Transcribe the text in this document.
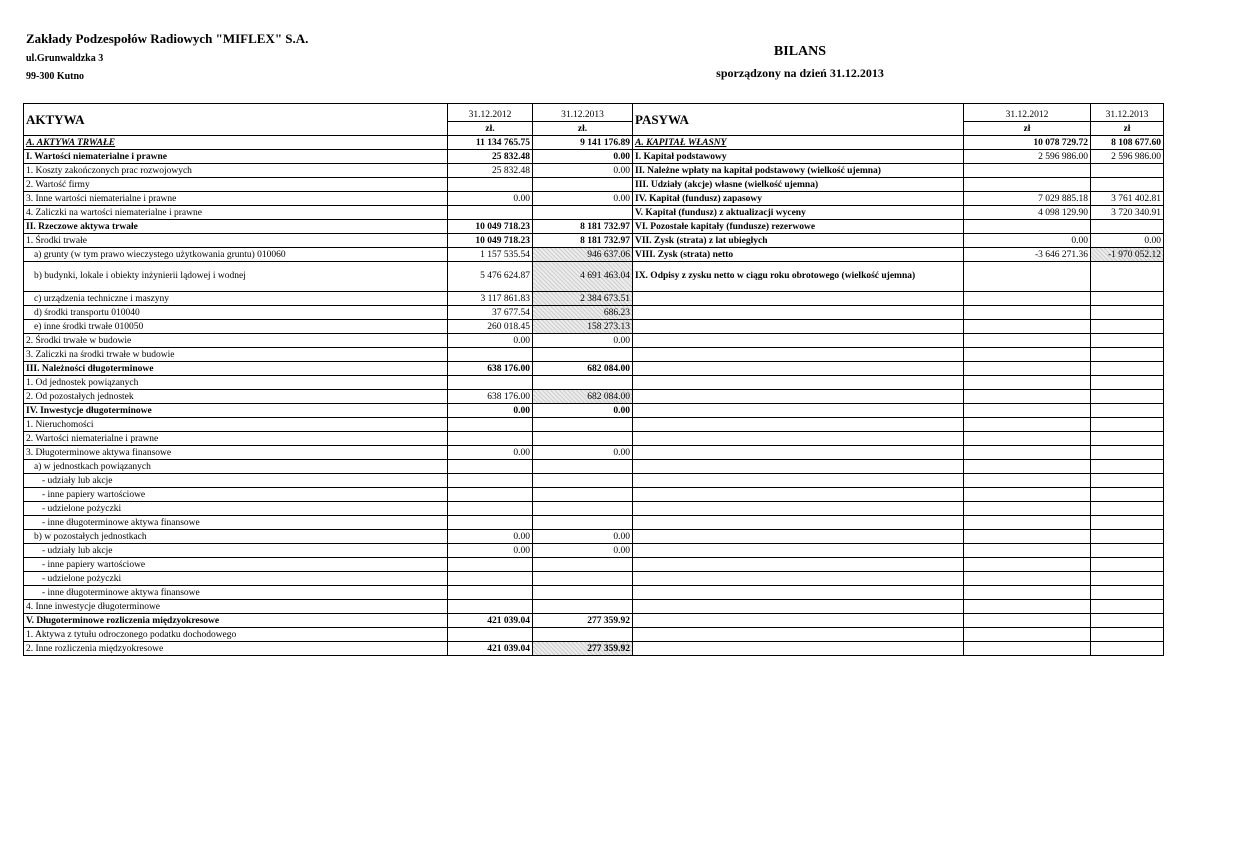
Zakłady Podzespołów Radiowych "MIFLEX" S.A.
ul.Grunwaldzka 3
99-300 Kutno
BILANS
sporządzony na dzień 31.12.2013
AKTYWA	31.12.2012	31.12.2013	PASYWA	31.12.2012	31.12.2013
	zł.	zł.		zł	zł
A. AKTYWA TRWAŁE	11 134 765.75	9 141 176.89	A. KAPITAŁ WŁASNY	10 078 729.72	8 108 677.60
I. Wartości niematerialne i prawne	25 832.48	0.00	I. Kapitał podstawowy	2 596 986.00	2 596 986.00
1. Koszty zakończonych prac rozwojowych	25 832.48	0.00	II. Należne wpłaty na kapitał podstawowy (wielkość ujemna)		
2. Wartość firmy			III. Udziały (akcje) własne (wielkość ujemna)		
3. Inne wartości niematerialne i prawne	0.00	0.00	IV. Kapitał (fundusz) zapasowy	7 029 885.18	3 761 402.81
4. Zaliczki na wartości niematerialne i prawne			V. Kapitał (fundusz) z aktualizacji wyceny	4 098 129.90	3 720 340.91
II. Rzeczowe aktywa trwałe	10 049 718.23	8 181 732.97	VI. Pozostałe kapitały (fundusze) rezerwowe		
1. Środki trwałe	10 049 718.23	8 181 732.97	VII. Zysk (strata) z lat ubiegłych	0.00	0.00
a) grunty (w tym prawo wieczystego użytkowania gruntu) 010060	1 157 535.54	946 637.06	VIII. Zysk (strata) netto	-3 646 271.36	-1 970 052.12
b) budynki, lokale i obiekty inżynierii lądowej i wodnej	5 476 624.87	4 691 463.04	IX. Odpisy z zysku netto w ciągu roku obrotowego (wielkość ujemna)		
c) urządzenia techniczne i maszyny	3 117 861.83	2 384 673.51			
d) środki transportu 010040	37 677.54	686.23			
e) inne środki trwałe 010050	260 018.45	158 273.13			
2. Środki trwałe w budowie	0.00	0.00			
3. Zaliczki na środki trwałe w budowie					
III. Należności długoterminowe	638 176.00	682 084.00			
1. Od jednostek powiązanych					
2. Od pozostałych jednostek	638 176.00	682 084.00			
IV. Inwestycje długoterminowe	0.00	0.00			
1. Nieruchomości					
2. Wartości niematerialne i prawne					
3. Długoterminowe aktywa finansowe	0.00	0.00			
a) w jednostkach powiązanych					
- udziały lub akcje					
- inne papiery wartościowe					
- udzielone pożyczki					
- inne długoterminowe aktywa finansowe					
b) w pozostałych jednostkach	0.00	0.00			
- udziały lub akcje	0.00	0.00			
- inne papiery wartościowe					
- udzielone pożyczki					
- inne długoterminowe aktywa finansowe					
4. Inne inwestycje długoterminowe					
V. Długoterminowe rozliczenia międzyokresowe	421 039.04	277 359.92			
1. Aktywa z tytułu odroczonego podatku dochodowego					
2. Inne rozliczenia międzyokresowe	421 039.04	277 359.92			
